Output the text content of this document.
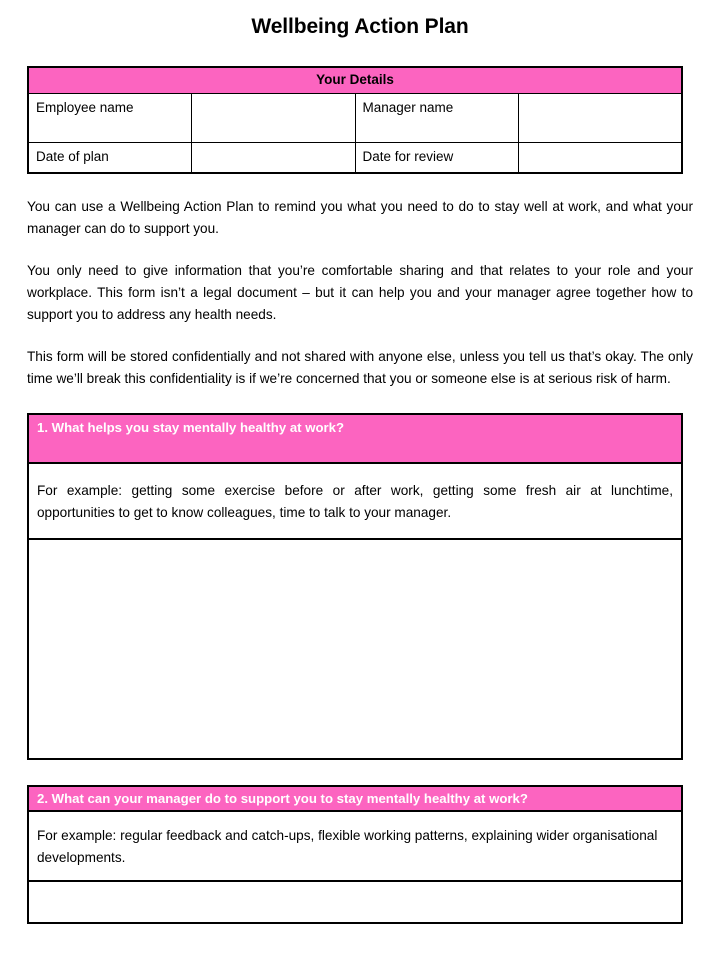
Wellbeing Action Plan
Your Details			
Employee name		Manager name	
Date of plan		Date for review	

You can use a Wellbeing Action Plan to remind you what you need to do to stay well at work, and what your manager can do to support you.

You only need to give information that you’re comfortable sharing and that relates to your role and your workplace. This form isn’t a legal document – but it can help you and your manager agree together how to support you to address any health needs.

This form will be stored confidentially and not shared with anyone else, unless you tell us that’s okay. The only time we’ll break this confidentiality is if we’re concerned that you or someone else is at serious risk of harm.

1. What helps you stay mentally healthy at work?
For example: getting some exercise before or after work, getting some fresh air at lunchtime, opportunities to get to know colleagues, time to talk to your manager.
2. What can your manager do to support you to stay mentally healthy at work?
For example: regular feedback and catch-ups, flexible working patterns, explaining wider organisational developments.
